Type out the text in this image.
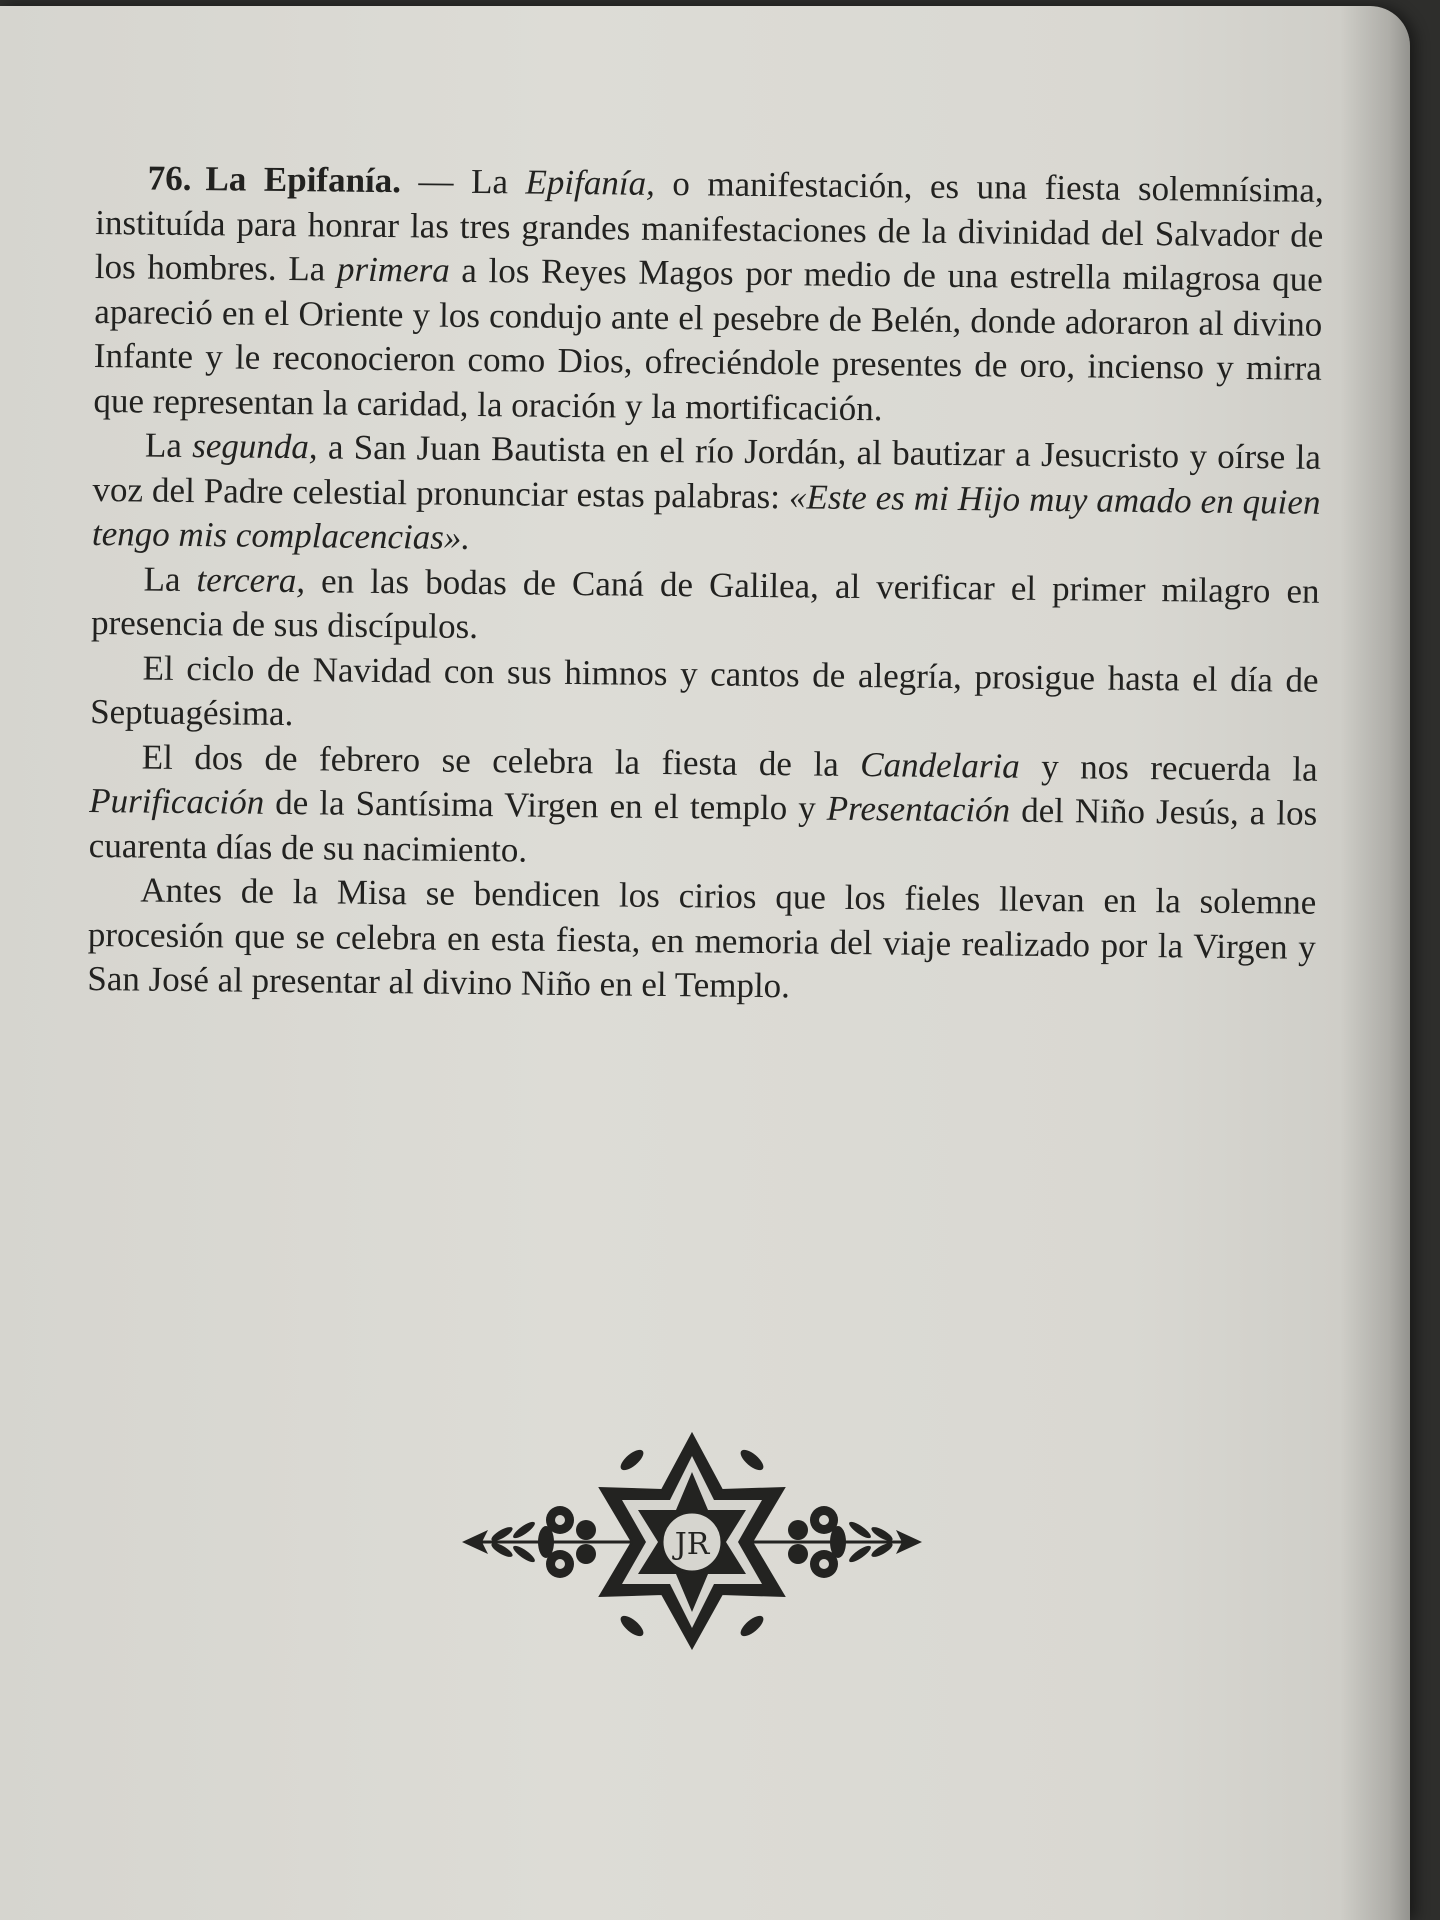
76. La Epifanía. — La Epifanía, o manifestación, es una fiesta solemnísima, instituída para honrar las tres grandes manifestaciones de la divinidad del Salvador de los hombres. La primera a los Reyes Magos por medio de una estrella milagrosa que apareció en el Oriente y los condujo ante el pesebre de Belén, donde adoraron al divino Infante y le reconocieron como Dios, ofreciéndole presentes de oro, incienso y mirra que representan la caridad, la oración y la mortificación.

La segunda, a San Juan Bautista en el río Jordán, al bautizar a Jesucristo y oírse la voz del Padre celestial pronunciar estas palabras: «Este es mi Hijo muy amado en quien tengo mis complacencias».

La tercera, en las bodas de Caná de Galilea, al verificar el primer milagro en presencia de sus discípulos.

El ciclo de Navidad con sus himnos y cantos de alegría, prosigue hasta el día de Septuagésima.

El dos de febrero se celebra la fiesta de la Candelaria y nos recuerda la Purificación de la Santísima Virgen en el templo y Presentación del Niño Jesús, a los cuarenta días de su nacimiento.

Antes de la Misa se bendicen los cirios que los fieles llevan en la solemne procesión que se celebra en esta fiesta, en memoria del viaje realizado por la Virgen y San José al presentar al divino Niño en el Templo.

JR
